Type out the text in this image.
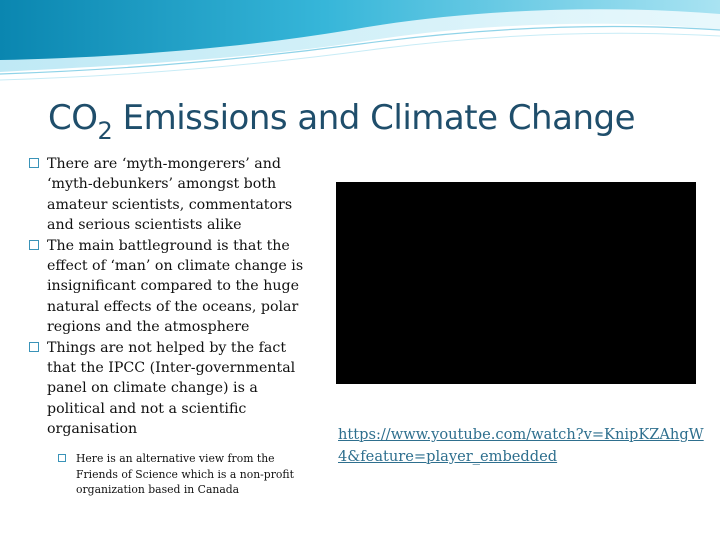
$CO_2$ Emissions and Climate Change
There are ‘myth-mongerers’ and ‘myth-debunkers’ amongst both amateur scientists, commentators and serious scientists alike
The main battleground is that the effect of ‘man’ on climate change is insignificant compared to the huge natural effects of the oceans, polar regions and the atmosphere
Things are not helped by the fact that the IPCC (Inter-governmental panel on climate change) is a political and not a scientific organisation
Here is an alternative view from the Friends of Science which is a non-profit organization based in Canada
https://www.youtube.com/watch?v=KnipKZAhgW4&feature=player_embedded
